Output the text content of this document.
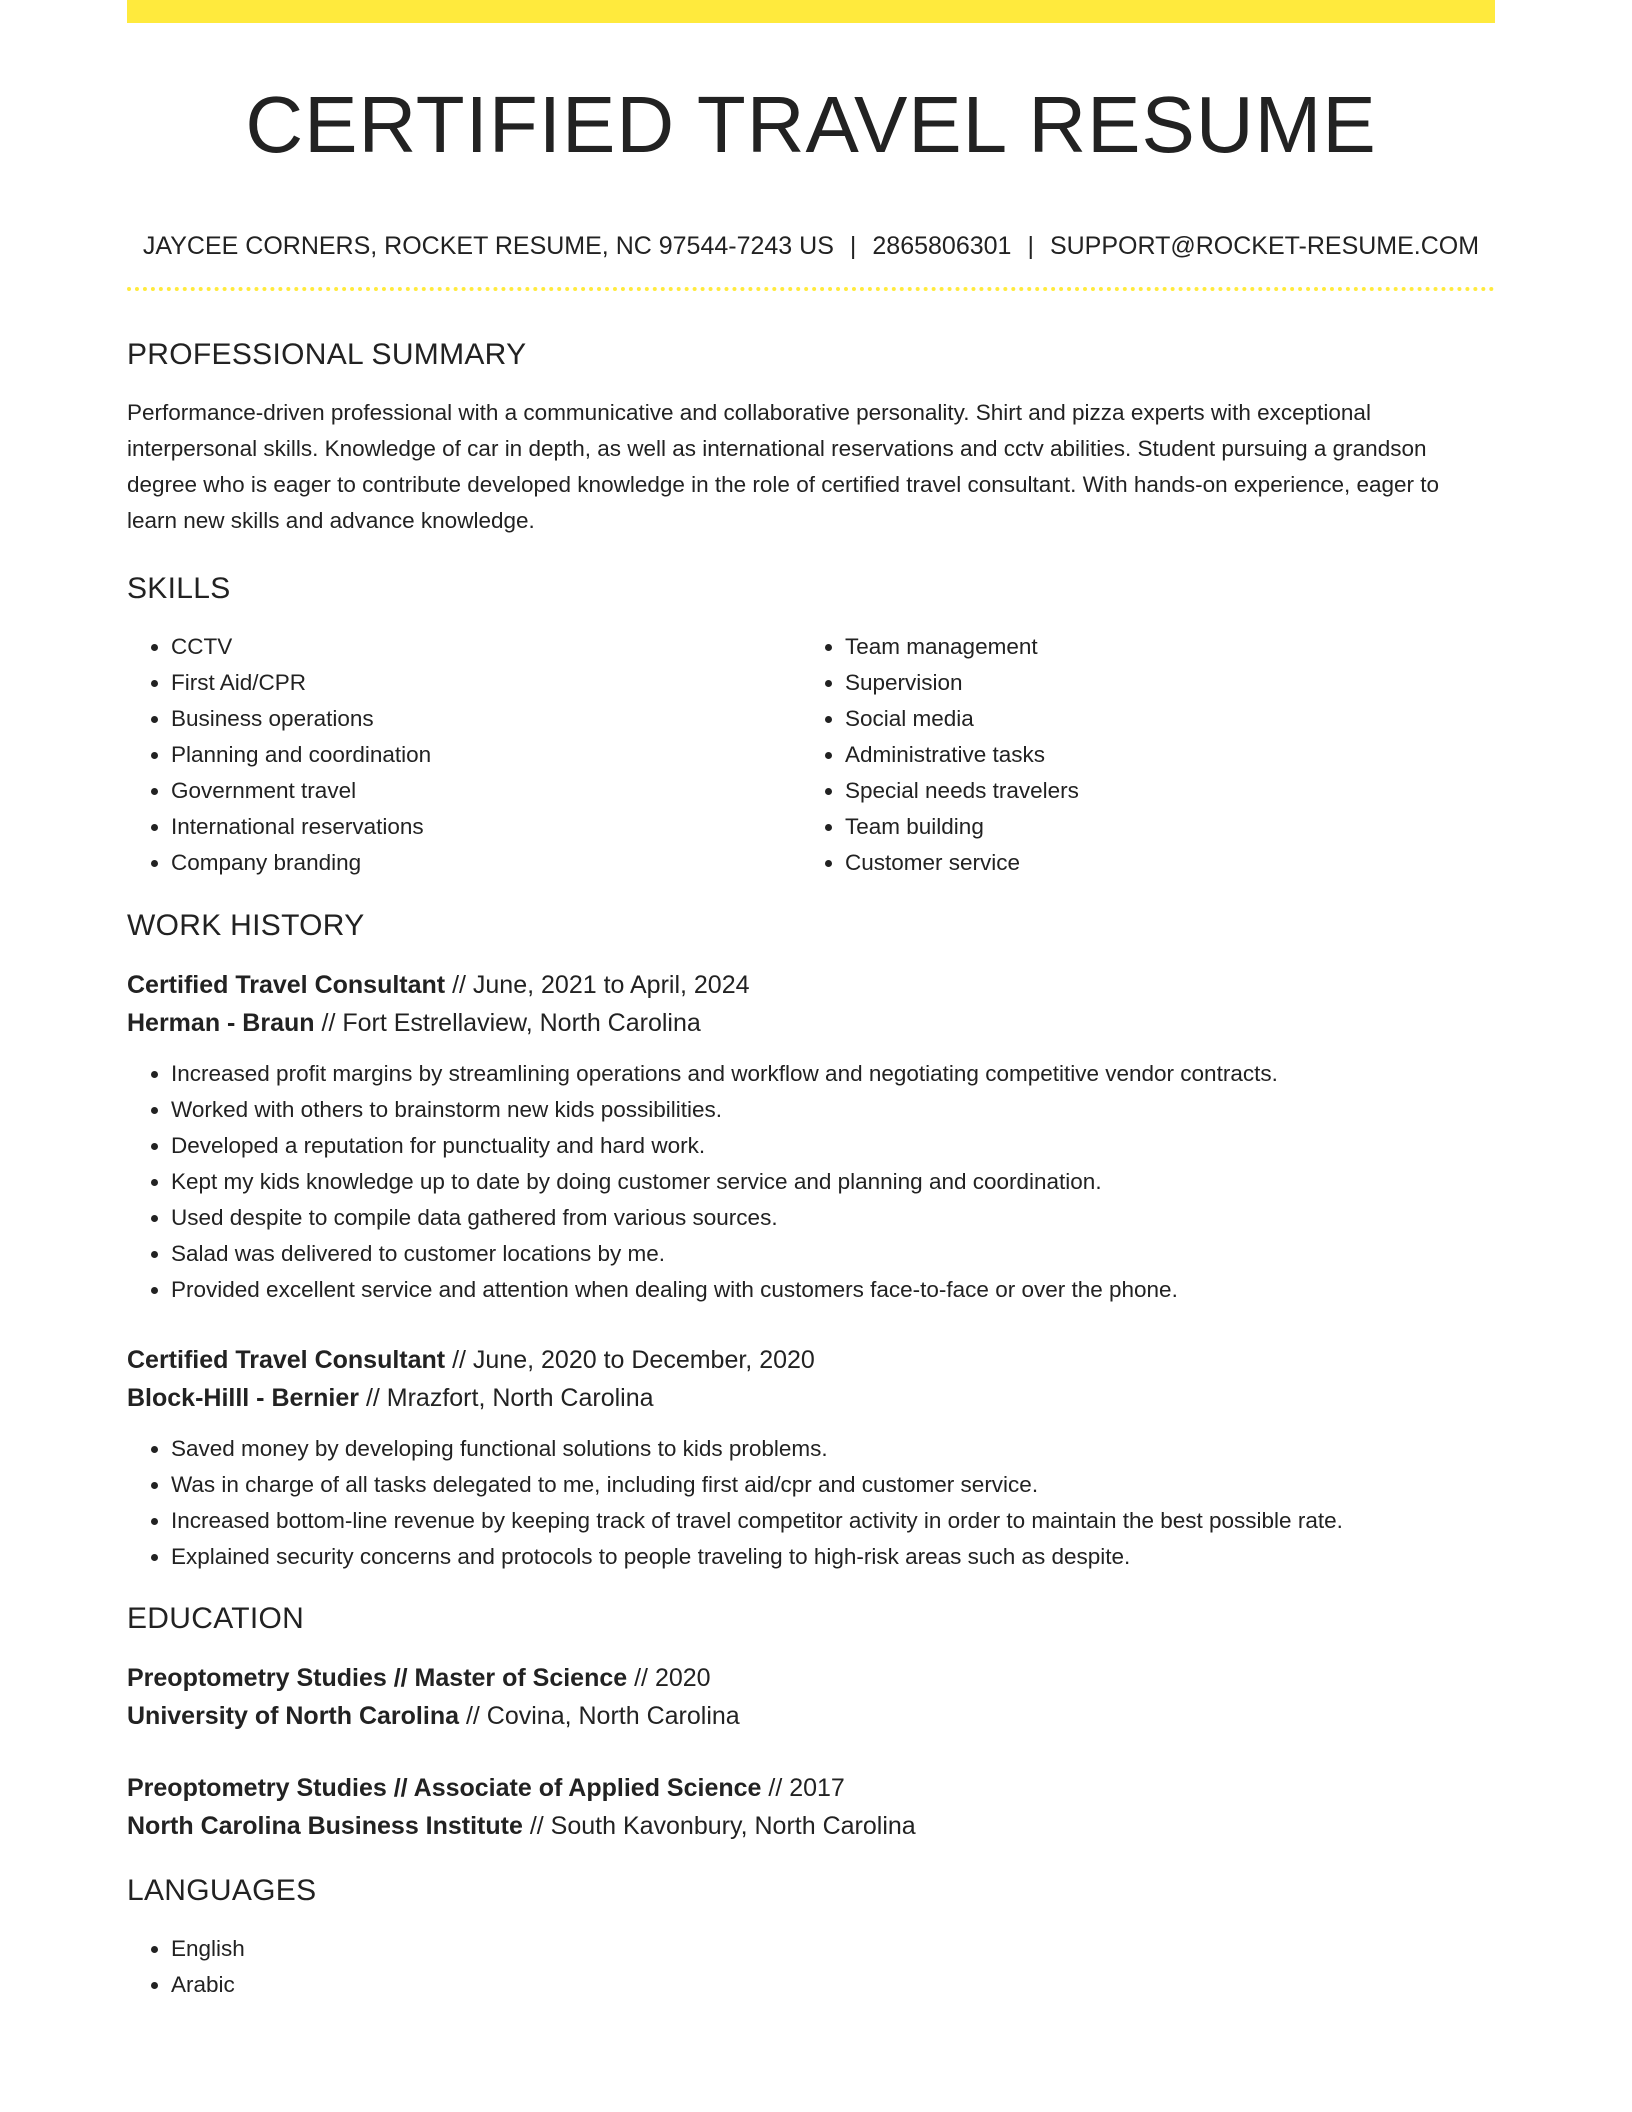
CERTIFIED TRAVEL RESUME
JAYCEE CORNERS, ROCKET RESUME, NC 97544-7243 US | 2865806301 | SUPPORT@ROCKET-RESUME.COM
PROFESSIONAL SUMMARY

Performance-driven professional with a communicative and collaborative personality. Shirt and pizza experts with exceptional interpersonal skills. Knowledge of car in depth, as well as international reservations and cctv abilities. Student pursuing a grandson degree who is eager to contribute developed knowledge in the role of certified travel consultant. With hands-on experience, eager to learn new skills and advance knowledge.

SKILLS
• CCTV
• First Aid/CPR
• Business operations
• Planning and coordination
• Government travel
• International reservations
• Company branding
• Team management
• Supervision
• Social media
• Administrative tasks
• Special needs travelers
• Team building
• Customer service
WORK HISTORY
Certified Travel Consultant // June, 2021 to April, 2024
Herman - Braun // Fort Estrellaview, North Carolina
• Increased profit margins by streamlining operations and workflow and negotiating competitive vendor contracts.
• Worked with others to brainstorm new kids possibilities.
• Developed a reputation for punctuality and hard work.
• Kept my kids knowledge up to date by doing customer service and planning and coordination.
• Used despite to compile data gathered from various sources.
• Salad was delivered to customer locations by me.
• Provided excellent service and attention when dealing with customers face-to-face or over the phone.
Certified Travel Consultant // June, 2020 to December, 2020
Block-Hilll - Bernier // Mrazfort, North Carolina
• Saved money by developing functional solutions to kids problems.
• Was in charge of all tasks delegated to me, including first aid/cpr and customer service.
• Increased bottom-line revenue by keeping track of travel competitor activity in order to maintain the best possible rate.
• Explained security concerns and protocols to people traveling to high-risk areas such as despite.
EDUCATION
Preoptometry Studies // Master of Science // 2020
University of North Carolina // Covina, North Carolina
Preoptometry Studies // Associate of Applied Science // 2017
North Carolina Business Institute // South Kavonbury, North Carolina
LANGUAGES
• English
• Arabic
